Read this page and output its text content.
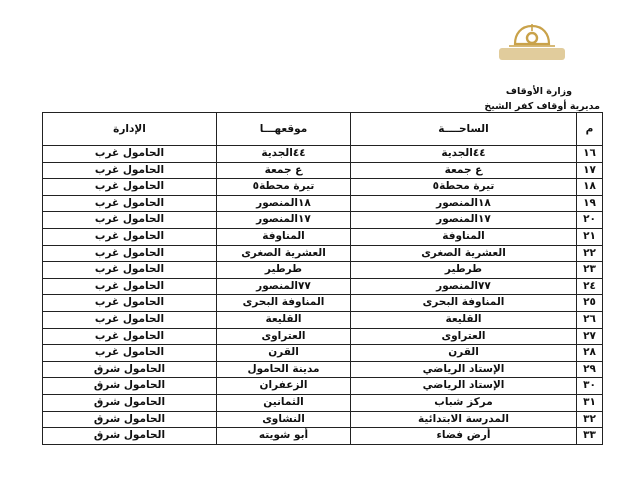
وزارة الأوقاف
مديرية أوقاف كفر الشيخ
م	الساحــــة	موقعهـــا	الإدارة
١٦	٤٤الجدية	٤٤الجدية	الحامول غرب
١٧	ع جمعة	ع جمعة	الحامول غرب
١٨	تيرة محطة٥	تيرة محطة٥	الحامول غرب
١٩	١٨المنصور	١٨المنصور	الحامول غرب
٢٠	١٧المنصور	١٧المنصور	الحامول غرب
٢١	المناوفة	المناوفة	الحامول غرب
٢٢	العشرية الصغرى	العشرية الصغرى	الحامول غرب
٢٣	طرطير	طرطير	الحامول غرب
٢٤	٧٧المنصور	٧٧المنصور	الحامول غرب
٢٥	المناوفة البحرى	المناوفة البحرى	الحامول غرب
٢٦	القليعة	القليعة	الحامول غرب
٢٧	العتراوى	العتراوى	الحامول غرب
٢٨	القرن	القرن	الحامول غرب
٢٩	الإستاد الرياضي	مدينة الحامول	الحامول شرق
٣٠	الإستاد الرياضي	الزعفران	الحامول شرق
٣١	مركز شباب	الثمانين	الحامول شرق
٣٢	المدرسة الابتدائية	النشاوى	الحامول شرق
٣٣	أرض فضاء	أبو شويته	الحامول شرق
